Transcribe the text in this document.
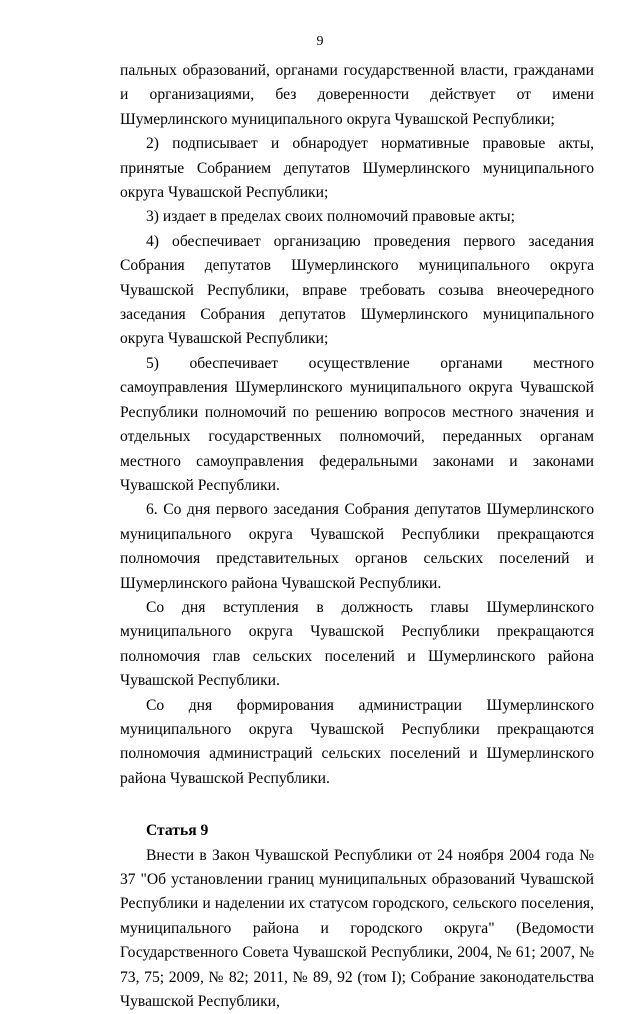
9

пальных образований, органами государственной власти, гражданами и организациями, без доверенности действует от имени Шумерлинского муниципального округа Чувашской Республики;

2) подписывает и обнародует нормативные правовые акты, принятые Собранием депутатов Шумерлинского муниципального округа Чувашской Республики;

3) издает в пределах своих полномочий правовые акты;

4) обеспечивает организацию проведения первого заседания Собрания депутатов Шумерлинского муниципального округа Чувашской Республики, вправе требовать созыва внеочередного заседания Собрания депутатов Шумерлинского муниципального округа Чувашской Республики;

5) обеспечивает осуществление органами местного самоуправления Шумерлинского муниципального округа Чувашской Республики полномочий по решению вопросов местного значения и отдельных государственных полномочий, переданных органам местного самоуправления федеральными законами и законами Чувашской Республики.

6. Со дня первого заседания Собрания депутатов Шумерлинского муниципального округа Чувашской Республики прекращаются полномочия представительных органов сельских поселений и Шумерлинского района Чувашской Республики.

Со дня вступления в должность главы Шумерлинского муниципального округа Чувашской Республики прекращаются полномочия глав сельских поселений и Шумерлинского района Чувашской Республики.

Со дня формирования администрации Шумерлинского муниципального округа Чувашской Республики прекращаются полномочия администраций сельских поселений и Шумерлинского района Чувашской Республики.

Статья 9

Внести в Закон Чувашской Республики от 24 ноября 2004 года № 37 "Об установлении границ муниципальных образований Чувашской Республики и наделении их статусом городского, сельского поселения, муниципального района и городского округа" (Ведомости Государственного Совета Чувашской Республики, 2004, № 61; 2007, № 73, 75; 2009, № 82; 2011, № 89, 92 (том I); Собрание законодательства Чувашской Республики,
